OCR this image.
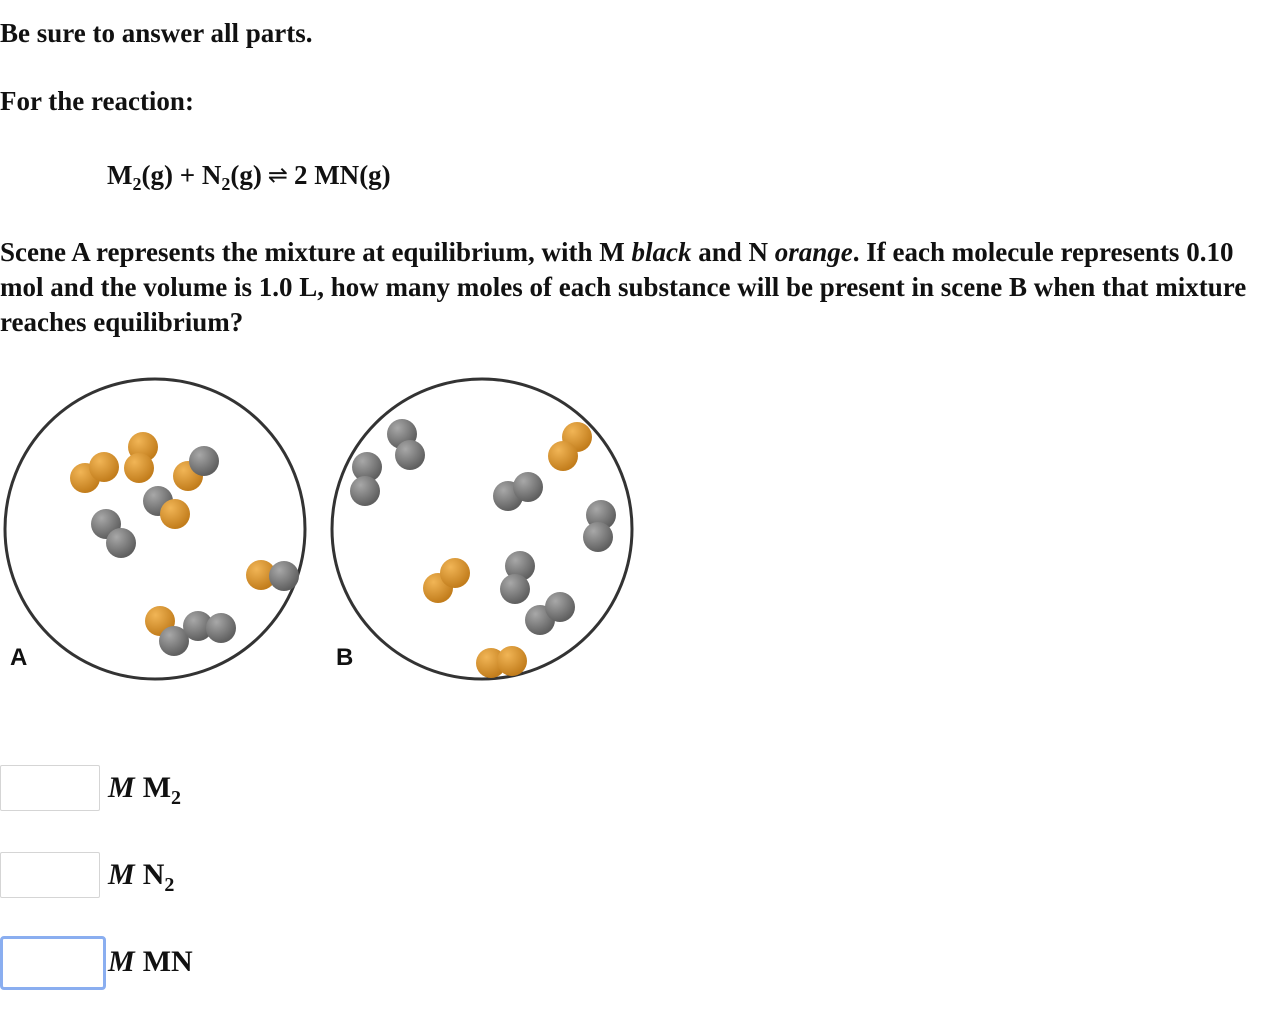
Be sure to answer all parts.
For the reaction:
$M_2(g) + N_2(g)$ ⇌ 2 MN(g)
Scene A represents the mixture at equilibrium, with M black and N orange. If each molecule represents 0.10 mol and the volume is 1.0 L, how many moles of each substance will be present in scene B when that mixture reaches equilibrium?
A	B
M $M_2$
M $N_2$
M MN
